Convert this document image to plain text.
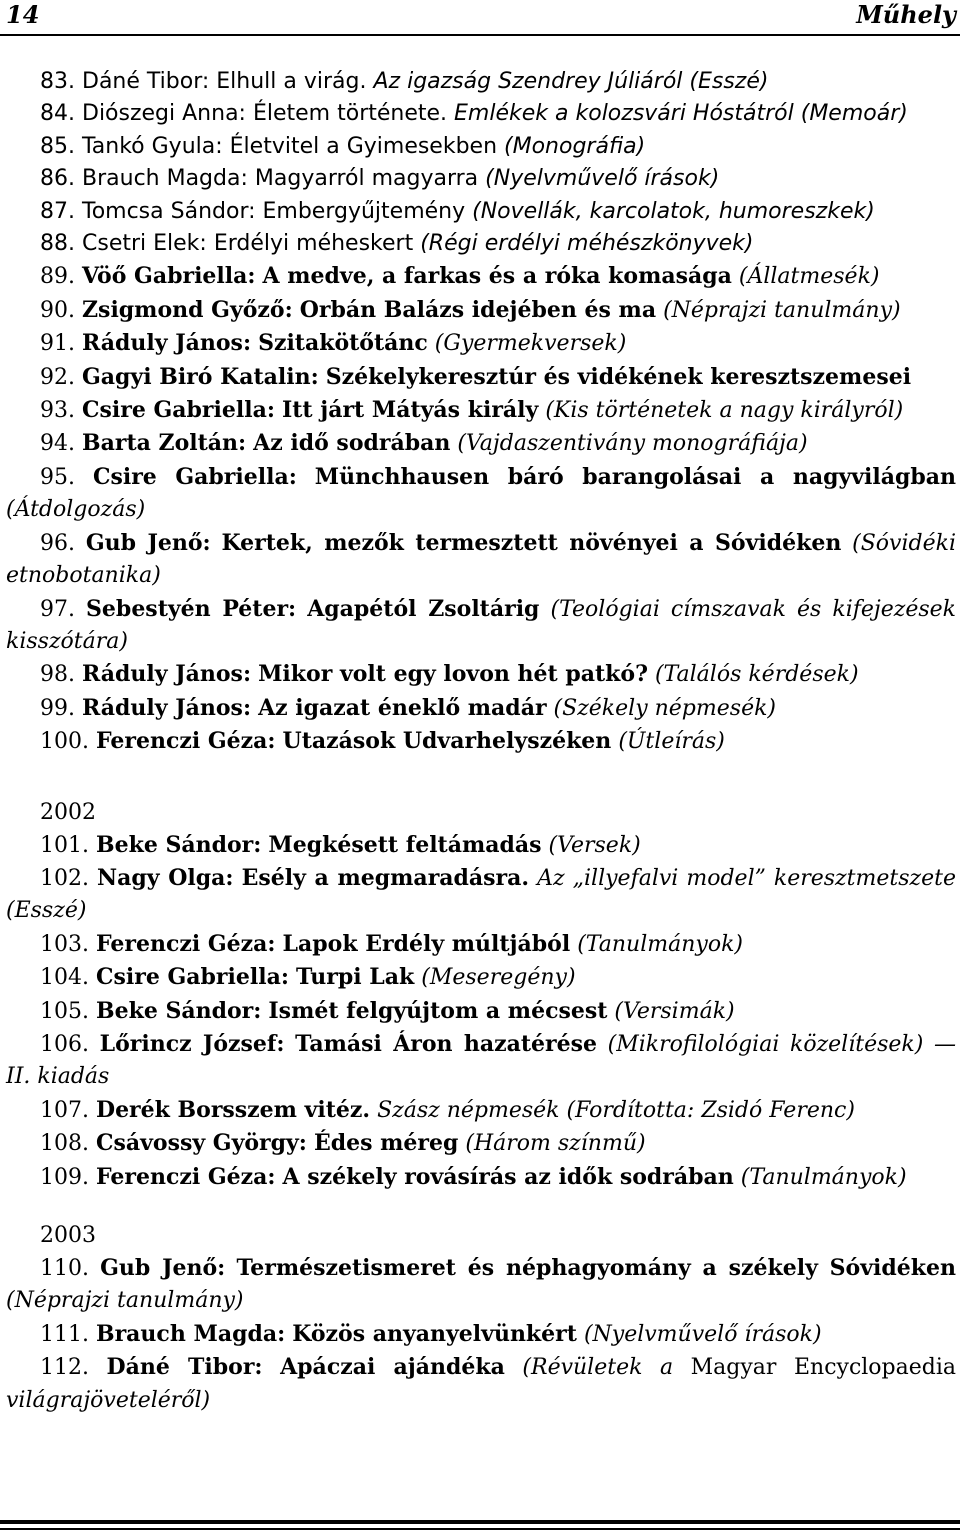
14	Műhely

83. Dáné Tibor: Elhull a virág. Az igazság Szendrey Júliáról (Esszé)

84. Diószegi Anna: Életem története. Emlékek a kolozsvári Hóstátról (Memoár)

85. Tankó Gyula: Életvitel a Gyimesekben (Monográfia)

86. Brauch Magda: Magyarról magyarra (Nyelvművelő írások)

87. Tomcsa Sándor: Embergyűjtemény (Novellák, karcolatok, humoreszkek)

88. Csetri Elek: Erdélyi méheskert (Régi erdélyi méhészkönyvek)

89. Vöő Gabriella: A medve, a farkas és a róka komasága (Állatmesék)

90. Zsigmond Győző: Orbán Balázs idejében és ma (Néprajzi tanulmány)

91. Ráduly János: Szitakötőtánc (Gyermekversek)

92. Gagyi Biró Katalin: Székelykeresztúr és vidékének keresztszemesei

93. Csire Gabriella: Itt járt Mátyás király (Kis történetek a nagy királyról)

94. Barta Zoltán: Az idő sodrában (Vajdaszentivány monográfiája)

95. Csire Gabriella: Münchhausen báró barangolásai a nagyvilágban (Átdolgozás)

96. Gub Jenő: Kertek, mezők termesztett növényei a Sóvidéken (Sóvidéki etnobotanika)

97. Sebestyén Péter: Agapétól Zsoltárig (Teológiai címszavak és kifejezések kisszótára)

98. Ráduly János: Mikor volt egy lovon hét patkó? (Találós kérdések)

99. Ráduly János: Az igazat éneklő madár (Székely népmesék)

100. Ferenczi Géza: Utazások Udvarhelyszéken (Útleírás)

2002

101. Beke Sándor: Megkésett feltámadás (Versek)

102. Nagy Olga: Esély a megmaradásra. Az „illyefalvi model” keresztmetszete (Esszé)

103. Ferenczi Géza: Lapok Erdély múltjából (Tanulmányok)

104. Csire Gabriella: Turpi Lak (Meseregény)

105. Beke Sándor: Ismét felgyújtom a mécsest (Versimák)

106. Lőrincz József: Tamási Áron hazatérése (Mikrofilológiai közelítések) — II. kiadás

107. Derék Borsszem vitéz. Szász népmesék (Fordította: Zsidó Ferenc)

108. Csávossy György: Édes méreg (Három színmű)

109. Ferenczi Géza: A székely rovásírás az idők sodrában (Tanulmányok)

2003

110. Gub Jenő: Természetismeret és néphagyomány a székely Sóvidéken (Néprajzi tanulmány)

111. Brauch Magda: Közös anyanyelvünkért (Nyelvművelő írások)

112. Dáné Tibor: Apáczai ajándéka (Révületek a Magyar Encyclopaedia világrajöveteléről)
